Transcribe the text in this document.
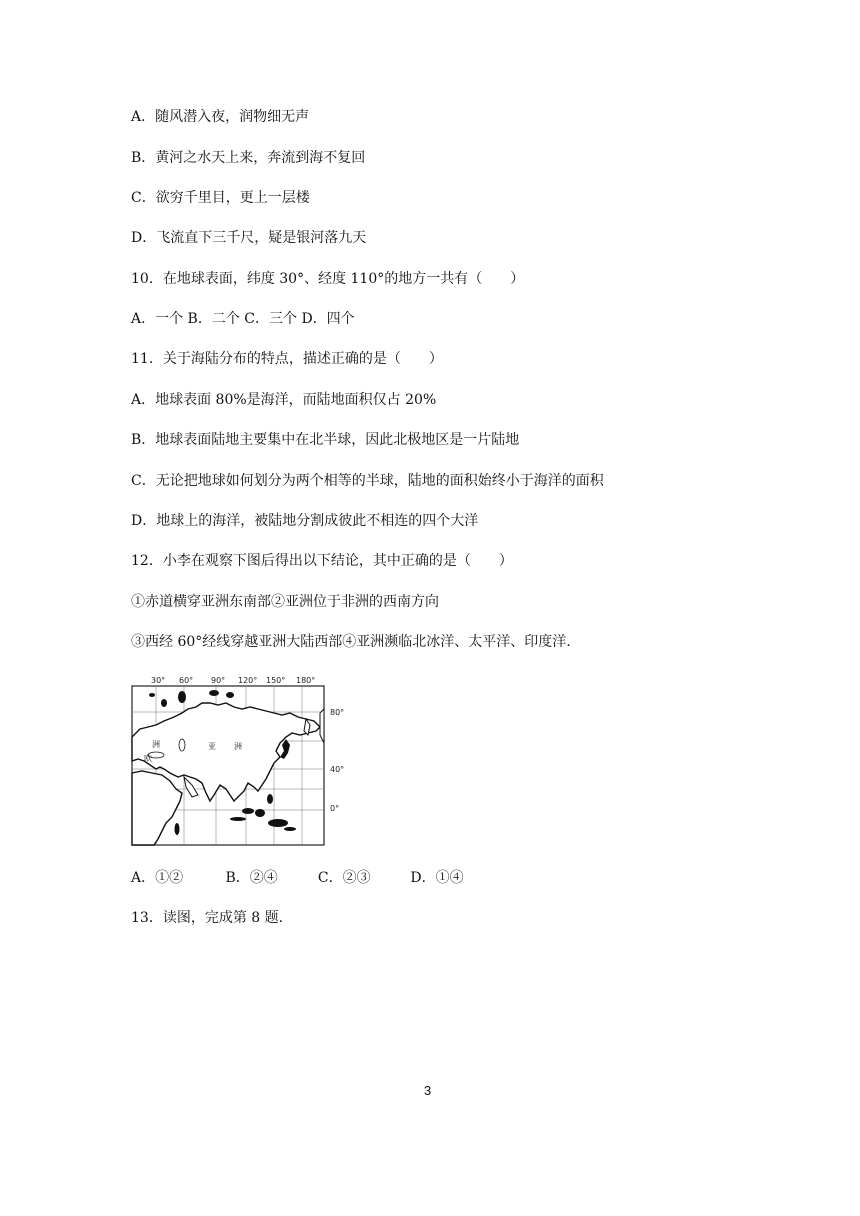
A．随风潜入夜，润物细无声
B．黄河之水天上来，奔流到海不复回
C．欲穷千里目，更上一层楼
D．飞流直下三千尺，疑是银河落九天
10．在地球表面，纬度 30°、经度 110°的地方一共有（　　）
A．一个 B．二个 C．三个 D．四个
11．关于海陆分布的特点，描述正确的是（　　）
A．地球表面 80%是海洋，而陆地面积仅占 20%
B．地球表面陆地主要集中在北半球，因此北极地区是一片陆地
C．无论把地球如何划分为两个相等的半球，陆地的面积始终小于海洋的面积
D．地球上的海洋，被陆地分割成彼此不相连的四个大洋
12．小李在观察下图后得出以下结论，其中正确的是（　　）
①赤道横穿亚洲东南部②亚洲位于非洲的西南方向
③西经 60°经线穿越亚洲大陆西部④亚洲濒临北冰洋、太平洋、印度洋.
30° 60° 90° 120° 150° 180°
80°
40°
0°
欧
洲	亚 洲
A．①②	B．②④	C．②③	D．①④
13．读图，完成第 8 题.
3
